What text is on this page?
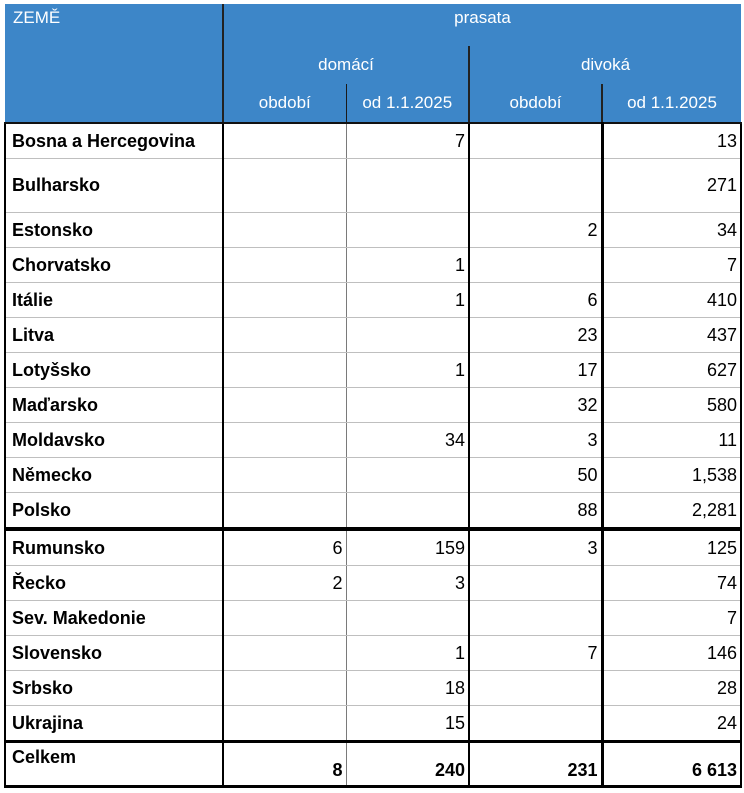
ZEMĚ	prasata			
	domácí		divoká	
	období	od 1.1.2025	období	od 1.1.2025
Bosna a Hercegovina		7		13
Bulharsko				271
Estonsko			2	34
Chorvatsko		1		7
Itálie		1	6	410
Litva			23	437
Lotyšsko		1	17	627
Maďarsko			32	580
Moldavsko		34	3	11
Německo			50	1,538
Polsko			88	2,281
Rumunsko	6	159	3	125
Řecko	2	3		74
Sev. Makedonie				7
Slovensko		1	7	146
Srbsko		18		28
Ukrajina		15		24
Celkem	8	240	231	6 613
